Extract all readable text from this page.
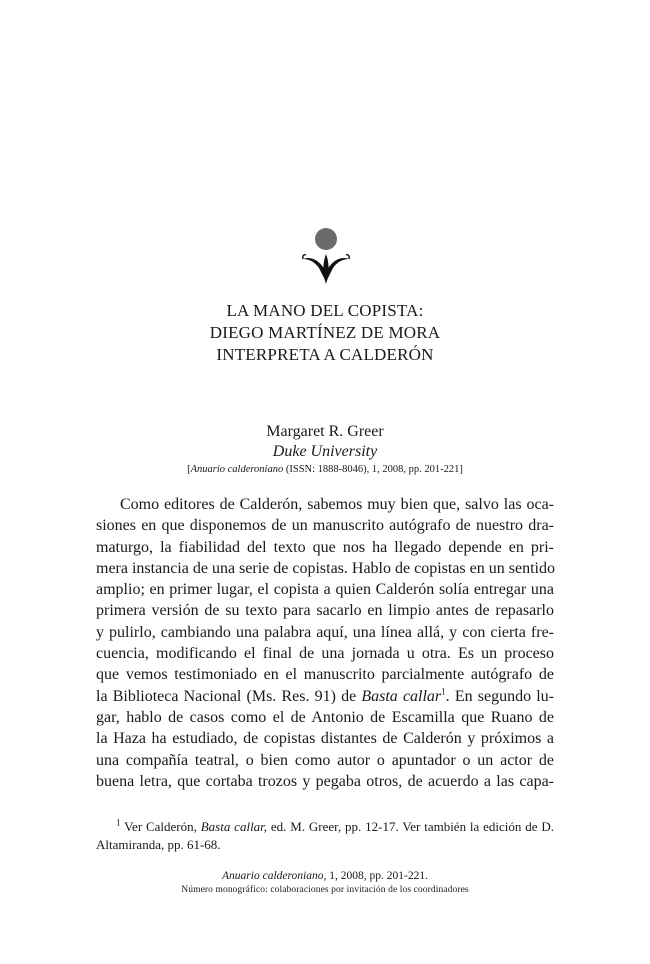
LA MANO DEL COPISTA:
DIEGO MARTÍNEZ DE MORA
INTERPRETA A CALDERÓN
Margaret R. Greer
Duke University
[Anuario calderoniano (ISSN: 1888-8046), 1, 2008, pp. 201-221]
Como editores de Calderón, sabemos muy bien que, salvo las oca-
siones en que disponemos de un manuscrito autógrafo de nuestro dra-
maturgo, la fiabilidad del texto que nos ha llegado depende en pri-
mera instancia de una serie de copistas. Hablo de copistas en un sentido
amplio; en primer lugar, el copista a quien Calderón solía entregar una
primera versión de su texto para sacarlo en limpio antes de repasarlo
y pulirlo, cambiando una palabra aquí, una línea allá, y con cierta fre-
cuencia, modificando el final de una jornada u otra. Es un proceso
que vemos testimoniado en el manuscrito parcialmente autógrafo de
la Biblioteca Nacional (Ms. Res. 91) de Basta callar$^1$. En segundo lu-
gar, hablo de casos como el de Antonio de Escamilla que Ruano de
la Haza ha estudiado, de copistas distantes de Calderón y próximos a
una compañía teatral, o bien como autor o apuntador o un actor de
buena letra, que cortaba trozos y pegaba otros, de acuerdo a las capa-
$^1$ Ver Calderón, Basta callar, ed. M. Greer, pp. 12-17. Ver también la edición de D.
Altamiranda, pp. 61-68.
Anuario calderoniano, 1, 2008, pp. 201-221.
Número monográfico: colaboraciones por invitación de los coordinadores
